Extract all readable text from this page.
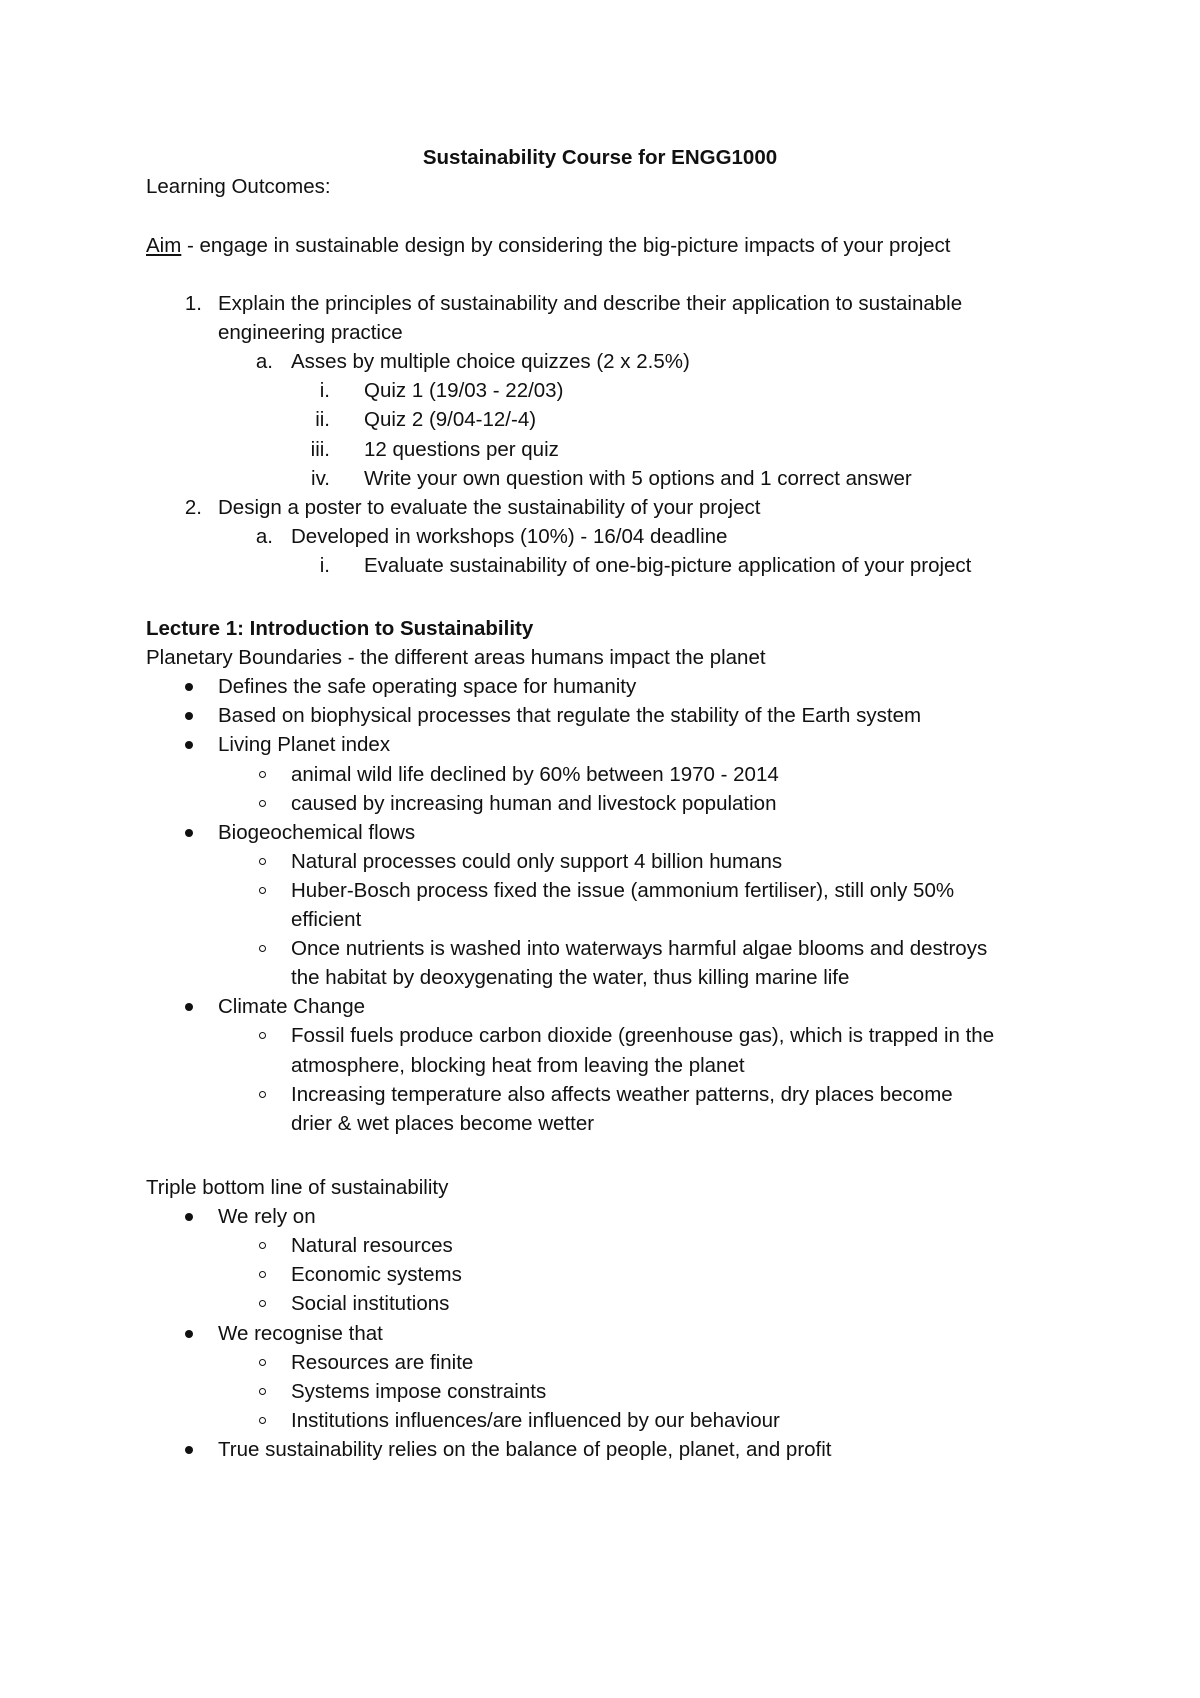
Sustainability Course for ENGG1000
Learning Outcomes:
Aim - engage in sustainable design by considering the big-picture impacts of your project
1. Explain the principles of sustainability and describe their application to sustainable
engineering practice
a. Asses by multiple choice quizzes (2 x 2.5%)
i. Quiz 1 (19/03 - 22/03)
ii. Quiz 2 (9/04-12/-4)
iii. 12 questions per quiz
iv. Write your own question with 5 options and 1 correct answer
2. Design a poster to evaluate the sustainability of your project
a. Developed in workshops (10%) - 16/04 deadline
i. Evaluate sustainability of one-big-picture application of your project
Lecture 1: Introduction to Sustainability
Planetary Boundaries - the different areas humans impact the planet
Defines the safe operating space for humanity
Based on biophysical processes that regulate the stability of the Earth system
Living Planet index
animal wild life declined by 60% between 1970 - 2014
caused by increasing human and livestock population
Biogeochemical flows
Natural processes could only support 4 billion humans
Huber-Bosch process fixed the issue (ammonium fertiliser), still only 50%
efficient
Once nutrients is washed into waterways harmful algae blooms and destroys
the habitat by deoxygenating the water, thus killing marine life
Climate Change
Fossil fuels produce carbon dioxide (greenhouse gas), which is trapped in the
atmosphere, blocking heat from leaving the planet
Increasing temperature also affects weather patterns, dry places become
drier & wet places become wetter
Triple bottom line of sustainability
We rely on
Natural resources
Economic systems
Social institutions
We recognise that
Resources are finite
Systems impose constraints
Institutions influences/are influenced by our behaviour
True sustainability relies on the balance of people, planet, and profit
